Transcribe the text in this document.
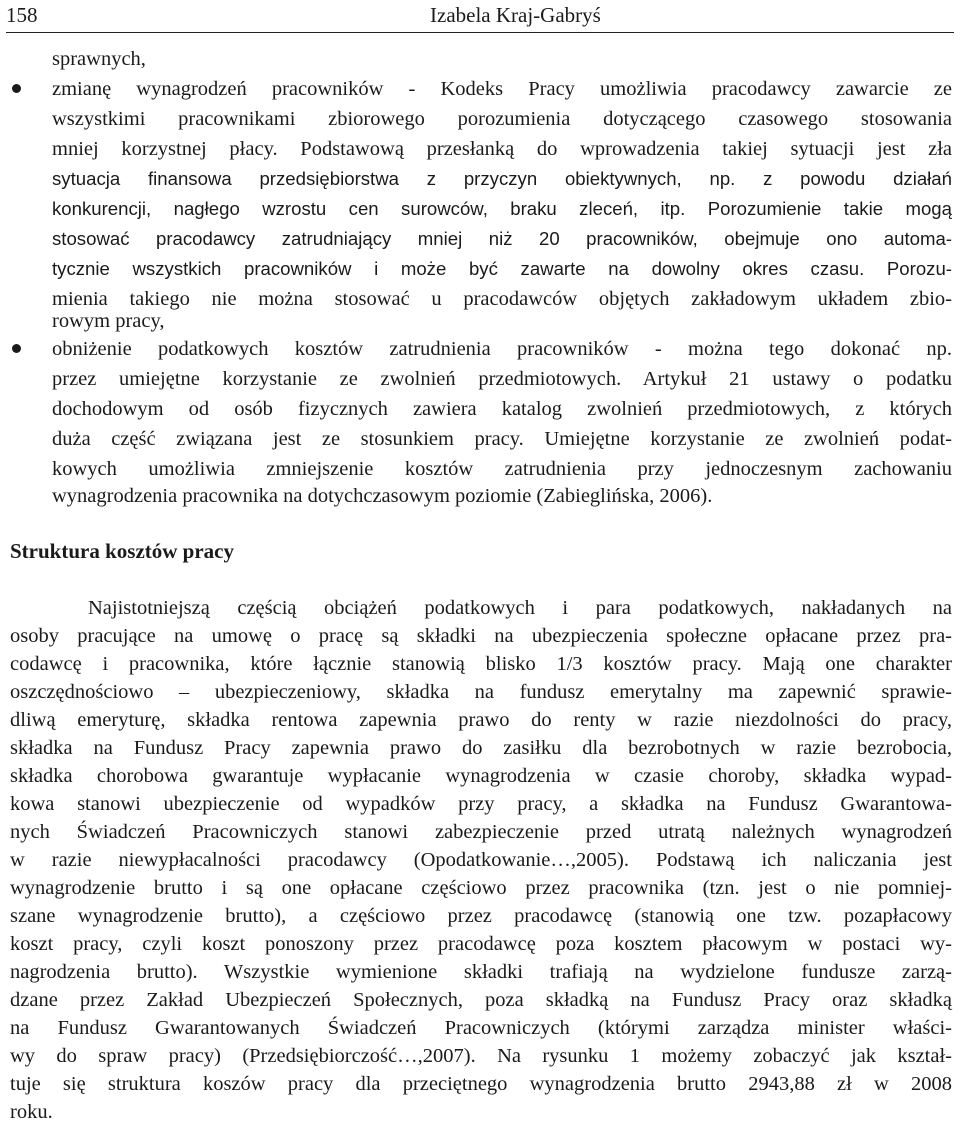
158	Izabela Kraj-Gabryś
sprawnych,
zmianę wynagrodzeń pracowników - Kodeks Pracy umożliwia pracodawcy zawarcie ze
wszystkimi pracownikami zbiorowego porozumienia dotyczącego czasowego stosowania
mniej korzystnej płacy. Podstawową przesłanką do wprowadzenia takiej sytuacji jest zła
sytuacja finansowa przedsiębiorstwa z przyczyn obiektywnych, np. z powodu działań
konkurencji, nagłego wzrostu cen surowców, braku zleceń, itp. Porozumienie takie mogą
stosować pracodawcy zatrudniający mniej niż 20 pracowników, obejmuje ono automa-
tycznie wszystkich pracowników i może być zawarte na dowolny okres czasu. Porozu-
mienia takiego nie można stosować u pracodawców objętych zakładowym układem zbio-
rowym pracy,
obniżenie podatkowych kosztów zatrudnienia pracowników - można tego dokonać np.
przez umiejętne korzystanie ze zwolnień przedmiotowych. Artykuł 21 ustawy o podatku
dochodowym od osób fizycznych zawiera katalog zwolnień przedmiotowych, z których
duża część związana jest ze stosunkiem pracy. Umiejętne korzystanie ze zwolnień podat-
kowych umożliwia zmniejszenie kosztów zatrudnienia przy jednoczesnym zachowaniu
wynagrodzenia pracownika na dotychczasowym poziomie (Zabieglińska, 2006).
Struktura kosztów pracy
Najistotniejszą częścią obciążeń podatkowych i para podatkowych, nakładanych na
osoby pracujące na umowę o pracę są składki na ubezpieczenia społeczne opłacane przez pra-
codawcę i pracownika, które łącznie stanowią blisko 1/3 kosztów pracy. Mają one charakter
oszczędnościowo – ubezpieczeniowy, składka na fundusz emerytalny ma zapewnić sprawie-
dliwą emeryturę, składka rentowa zapewnia prawo do renty w razie niezdolności do pracy,
składka na Fundusz Pracy zapewnia prawo do zasiłku dla bezrobotnych w razie bezrobocia,
składka chorobowa gwarantuje wypłacanie wynagrodzenia w czasie choroby, składka wypad-
kowa stanowi ubezpieczenie od wypadków przy pracy, a składka na Fundusz Gwarantowa-
nych Świadczeń Pracowniczych stanowi zabezpieczenie przed utratą należnych wynagrodzeń
w razie niewypłacalności pracodawcy (Opodatkowanie…,2005). Podstawą ich naliczania jest
wynagrodzenie brutto i są one opłacane częściowo przez pracownika (tzn. jest o nie pomniej-
szane wynagrodzenie brutto), a częściowo przez pracodawcę (stanowią one tzw. pozapłacowy
koszt pracy, czyli koszt ponoszony przez pracodawcę poza kosztem płacowym w postaci wy-
nagrodzenia brutto). Wszystkie wymienione składki trafiają na wydzielone fundusze zarzą-
dzane przez Zakład Ubezpieczeń Społecznych, poza składką na Fundusz Pracy oraz składką
na Fundusz Gwarantowanych Świadczeń Pracowniczych (którymi zarządza minister właści-
wy do spraw pracy) (Przedsiębiorczość…,2007). Na rysunku 1 możemy zobaczyć jak kształ-
tuje się struktura koszów pracy dla przeciętnego wynagrodzenia brutto 2943,88 zł w 2008
roku.
